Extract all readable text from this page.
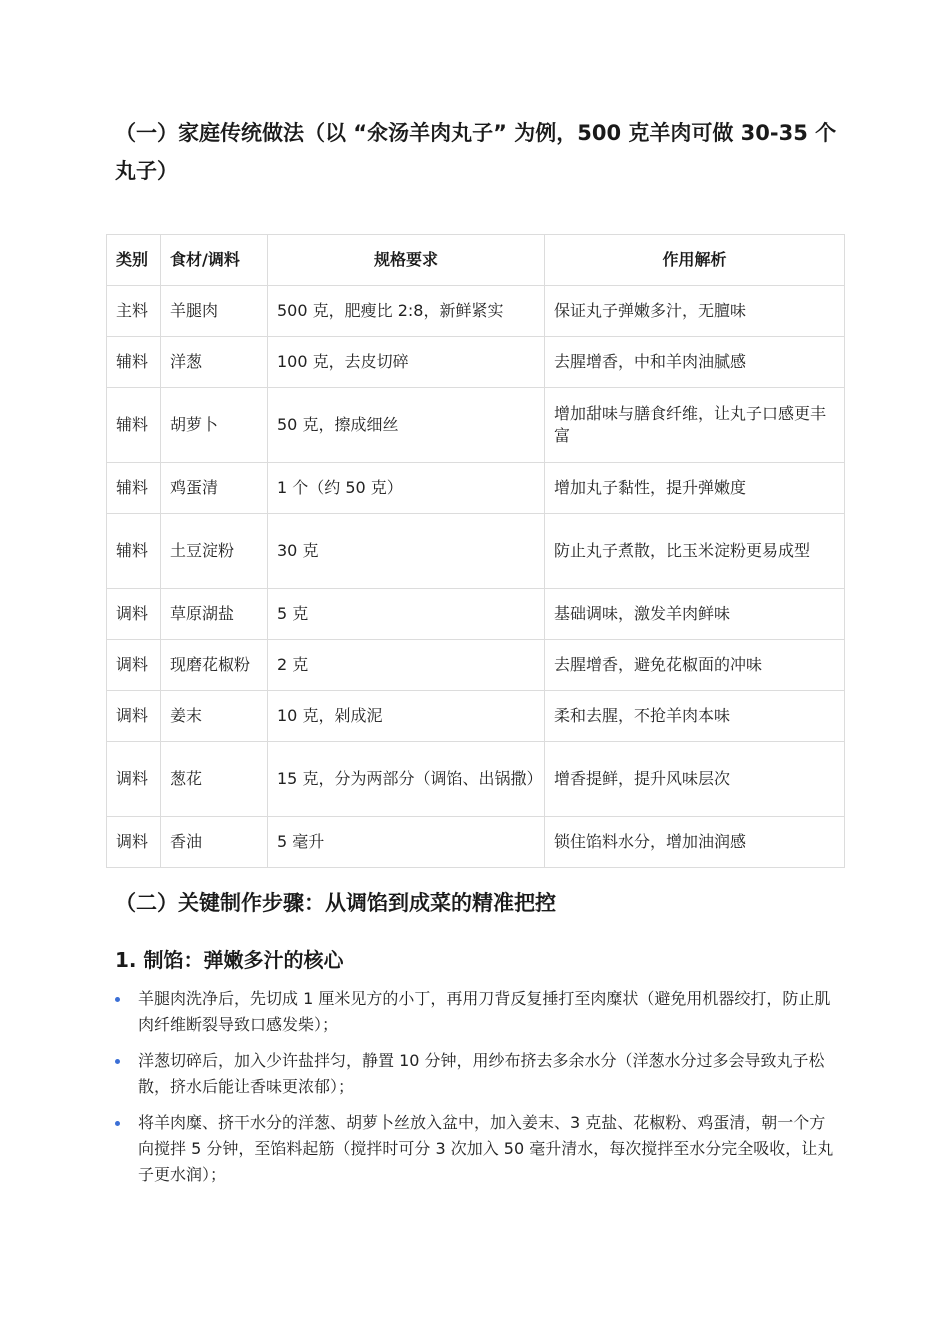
（一）家庭传统做法（以 “氽汤羊肉丸子” 为例，500 克羊肉可做 30-35 个丸子）
类别	食材/调料	规格要求	作用解析
主料	羊腿肉	500 克，肥瘦比 2:8，新鲜紧实	保证丸子弹嫩多汁，无膻味
辅料	洋葱	100 克，去皮切碎	去腥增香，中和羊肉油腻感
辅料	胡萝卜	50 克，擦成细丝	增加甜味与膳食纤维，让丸子口感更丰富
辅料	鸡蛋清	1 个（约 50 克）	增加丸子黏性，提升弹嫩度
辅料	土豆淀粉	30 克	防止丸子煮散，比玉米淀粉更易成型
调料	草原湖盐	5 克	基础调味，激发羊肉鲜味
调料	现磨花椒粉	2 克	去腥增香，避免花椒面的冲味
调料	姜末	10 克，剁成泥	柔和去腥，不抢羊肉本味
调料	葱花	15 克，分为两部分（调馅、出锅撒）	增香提鲜，提升风味层次
调料	香油	5 毫升	锁住馅料水分，增加油润感
（二）关键制作步骤：从调馅到成菜的精准把控
1. 制馅：弹嫩多汁的核心
羊腿肉洗净后，先切成 1 厘米见方的小丁，再用刀背反复捶打至肉糜状（避免用机器绞打，防止肌肉纤维断裂导致口感发柴）；
洋葱切碎后，加入少许盐拌匀，静置 10 分钟，用纱布挤去多余水分（洋葱水分过多会导致丸子松散，挤水后能让香味更浓郁）；
将羊肉糜、挤干水分的洋葱、胡萝卜丝放入盆中，加入姜末、3 克盐、花椒粉、鸡蛋清，朝一个方向搅拌 5 分钟，至馅料起筋（搅拌时可分 3 次加入 50 毫升清水，每次搅拌至水分完全吸收，让丸子更水润）；
